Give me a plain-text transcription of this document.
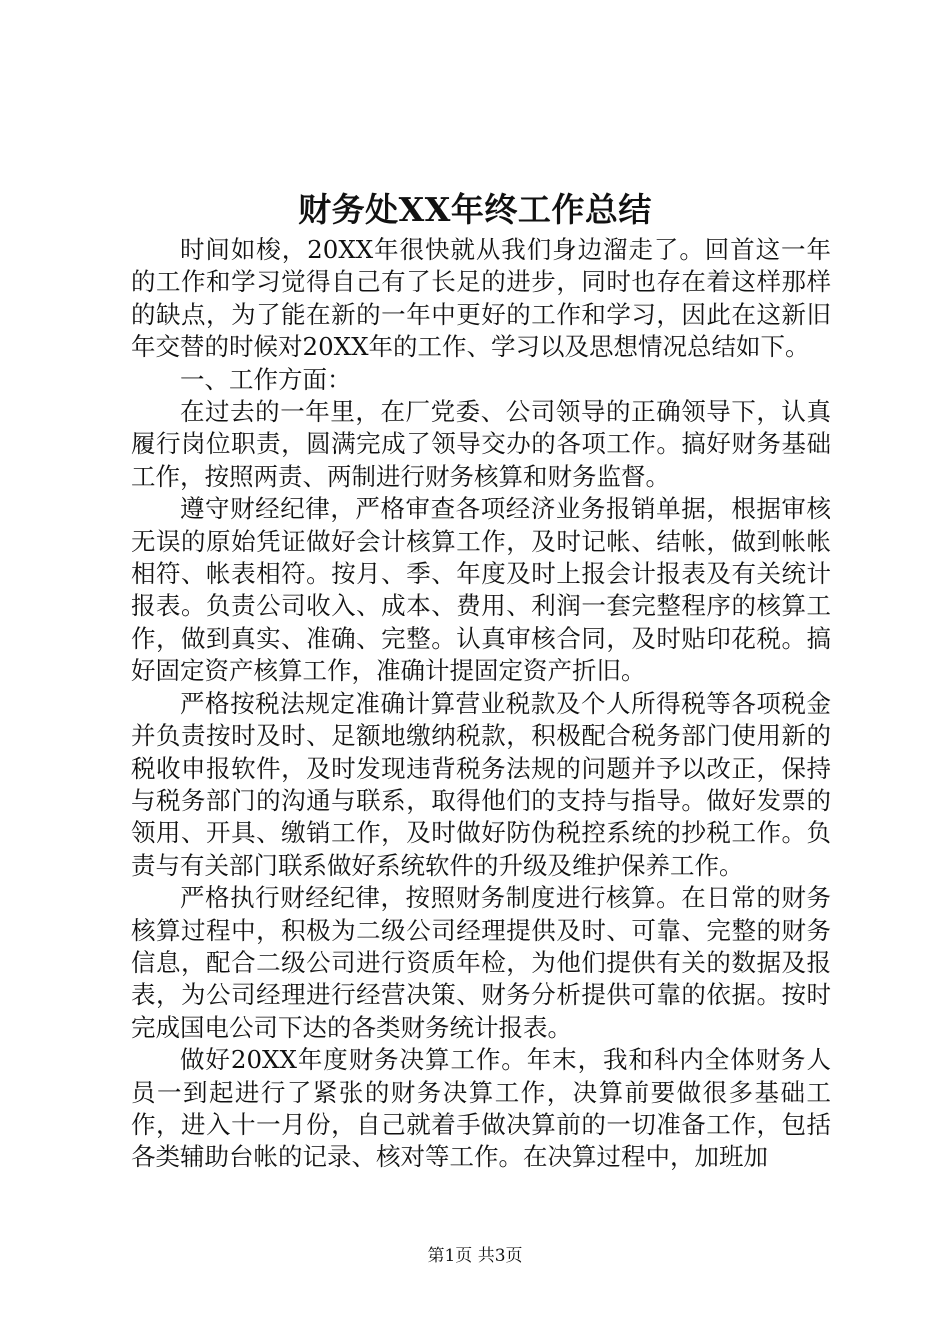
财务处XX年终工作总结

时间如梭，20XX年很快就从我们身边溜走了。回首这一年的工作和学习觉得自己有了长足的进步，同时也存在着这样那样的缺点，为了能在新的一年中更好的工作和学习，因此在这新旧年交替的时候对20XX年的工作、学习以及思想情况总结如下。

一、工作方面：

在过去的一年里，在厂党委、公司领导的正确领导下，认真履行岗位职责，圆满完成了领导交办的各项工作。搞好财务基础工作，按照两责、两制进行财务核算和财务监督。

遵守财经纪律，严格审查各项经济业务报销单据，根据审核无误的原始凭证做好会计核算工作，及时记帐、结帐，做到帐帐相符、帐表相符。按月、季、年度及时上报会计报表及有关统计报表。负责公司收入、成本、费用、利润一套完整程序的核算工作，做到真实、准确、完整。认真审核合同，及时贴印花税。搞好固定资产核算工作，准确计提固定资产折旧。

严格按税法规定准确计算营业税款及个人所得税等各项税金并负责按时及时、足额地缴纳税款，积极配合税务部门使用新的税收申报软件，及时发现违背税务法规的问题并予以改正，保持与税务部门的沟通与联系，取得他们的支持与指导。做好发票的领用、开具、缴销工作，及时做好防伪税控系统的抄税工作。负责与有关部门联系做好系统软件的升级及维护保养工作。

严格执行财经纪律，按照财务制度进行核算。在日常的财务核算过程中，积极为二级公司经理提供及时、可靠、完整的财务信息，配合二级公司进行资质年检，为他们提供有关的数据及报表，为公司经理进行经营决策、财务分析提供可靠的依据。按时完成国电公司下达的各类财务统计报表。

做好20XX年度财务决算工作。年末，我和科内全体财务人员一到起进行了紧张的财务决算工作，决算前要做很多基础工作，进入十一月份，自己就着手做决算前的一切准备工作，包括各类辅助台帐的记录、核对等工作。在决算过程中，加班加

第1页 共3页
